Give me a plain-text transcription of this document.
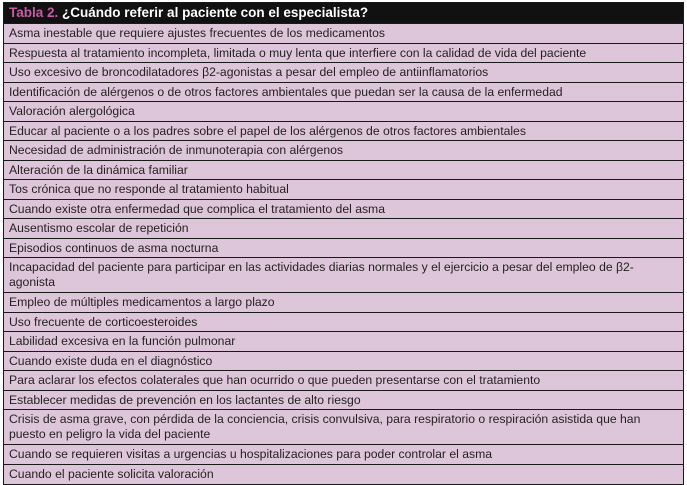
Tabla 2. ¿Cuándo referir al paciente con el especialista?
Asma inestable que requiere ajustes frecuentes de los medicamentos
Respuesta al tratamiento incompleta, limitada o muy lenta que interfiere con la calidad de vida del paciente
Uso excesivo de broncodilatadores β2-agonistas a pesar del empleo de antiinflamatorios
Identificación de alérgenos o de otros factores ambientales que puedan ser la causa de la enfermedad
Valoración alergológica
Educar al paciente o a los padres sobre el papel de los alérgenos de otros factores ambientales
Necesidad de administración de inmunoterapia con alérgenos
Alteración de la dinámica familiar
Tos crónica que no responde al tratamiento habitual
Cuando existe otra enfermedad que complica el tratamiento del asma
Ausentismo escolar de repetición
Episodios continuos de asma nocturna
Incapacidad del paciente para participar en las actividades diarias normales y el ejercicio a pesar del empleo de β2-agonista
Empleo de múltiples medicamentos a largo plazo
Uso frecuente de corticoesteroides
Labilidad excesiva en la función pulmonar
Cuando existe duda en el diagnóstico
Para aclarar los efectos colaterales que han ocurrido o que pueden presentarse con el tratamiento
Establecer medidas de prevención en los lactantes de alto riesgo
Crisis de asma grave, con pérdida de la conciencia, crisis convulsiva, para respiratorio o respiración asistida que han puesto en peligro la vida del paciente
Cuando se requieren visitas a urgencias u hospitalizaciones para poder controlar el asma
Cuando el paciente solicita valoración
